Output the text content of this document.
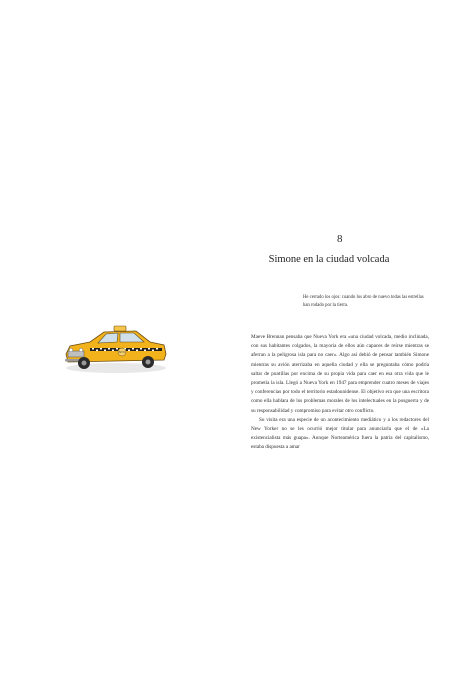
NYC
8
Simone en la ciudad volcada
He cerrado los ojos: cuando los abro de nuevo todas las estrellas han rodado por la tierra.

Maeve Brennan pensaba que Nueva York era «una ciudad volcada, medio inclinada, con sus habitantes colgados, la mayoría de ellos aún capaces de reírse mientras se aferran a la peligrosa isla para no caer». Algo así debió de pensar también Simone mientras su avión aterrizaba en aquella ciudad y ella se preguntaba cómo podría saltar de puntillas por encima de su propia vida para caer en esa otra vida que le prometía la isla. Llegó a Nueva York en 1947 para emprender cuatro meses de viajes y conferencias por todo el territorio estadounidense. El objetivo era que una escritora como ella hablara de los problemas morales de los intelectuales en la posguerra y de su responsabilidad y compromiso para evitar otro conflicto.

Su visita era una especie de un acontecimiento mediático y a los redactores del New Yorker no se les ocurrió mejor titular para anunciarla que el de «La existencialista más guapa». Aunque Norteamérica fuera la patria del capitalismo, estaba dispuesta a amar
